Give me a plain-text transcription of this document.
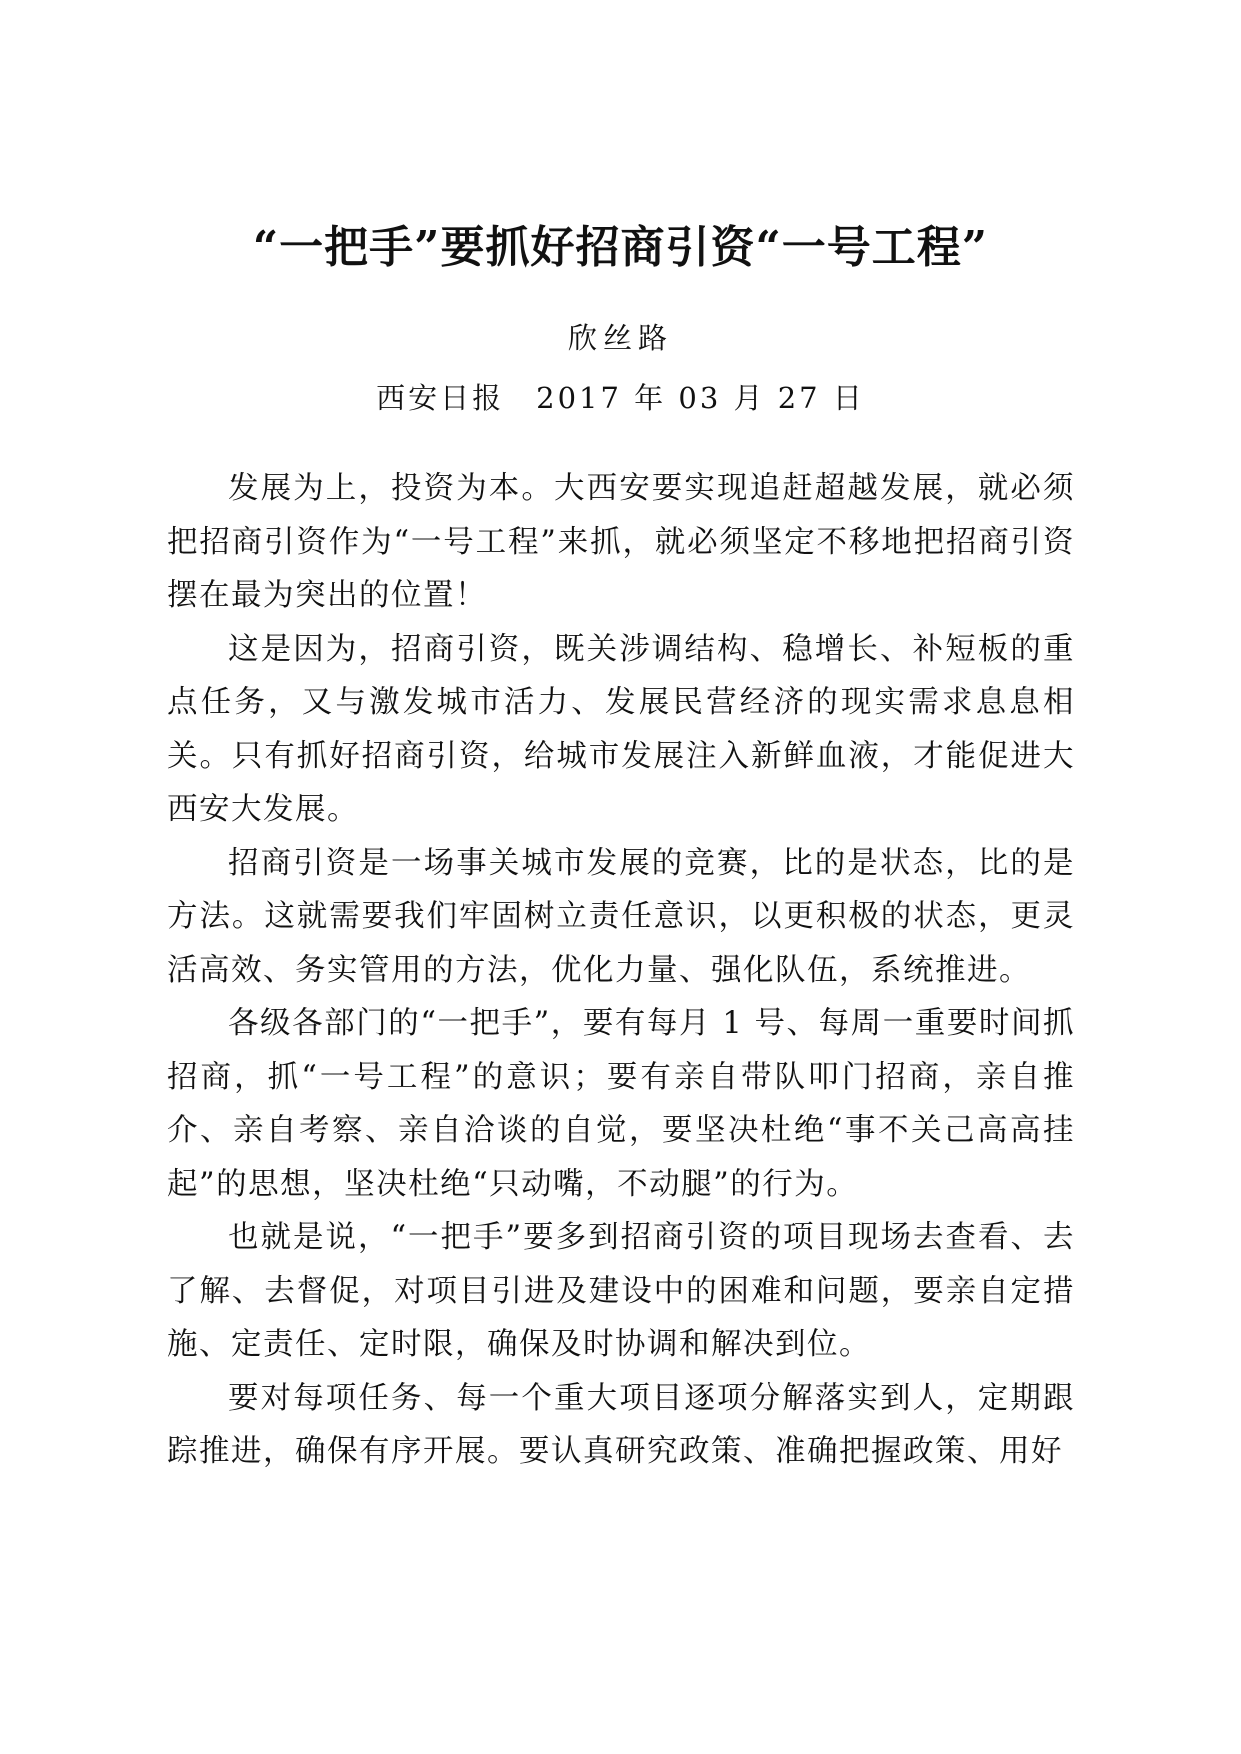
“一把手”要抓好招商引资“一号工程”
欣丝路
西安日报　2017 年 03 月 27 日

发展为上，投资为本。大西安要实现追赶超越发展，就必须把招商引资作为“一号工程”来抓，就必须坚定不移地把招商引资摆在最为突出的位置！

这是因为，招商引资，既关涉调结构、稳增长、补短板的重点任务，又与激发城市活力、发展民营经济的现实需求息息相关。只有抓好招商引资，给城市发展注入新鲜血液，才能促进大西安大发展。

招商引资是一场事关城市发展的竞赛，比的是状态，比的是方法。这就需要我们牢固树立责任意识，以更积极的状态，更灵活高效、务实管用的方法，优化力量、强化队伍，系统推进。

各级各部门的“一把手”，要有每月 1 号、每周一重要时间抓招商，抓“一号工程”的意识；要有亲自带队叩门招商，亲自推介、亲自考察、亲自洽谈的自觉，要坚决杜绝“事不关己高高挂起”的思想，坚决杜绝“只动嘴，不动腿”的行为。

也就是说，“一把手”要多到招商引资的项目现场去查看、去了解、去督促，对项目引进及建设中的困难和问题，要亲自定措施、定责任、定时限，确保及时协调和解决到位。

要对每项任务、每一个重大项目逐项分解落实到人，定期跟踪推进，确保有序开展。要认真研究政策、准确把握政策、用好
